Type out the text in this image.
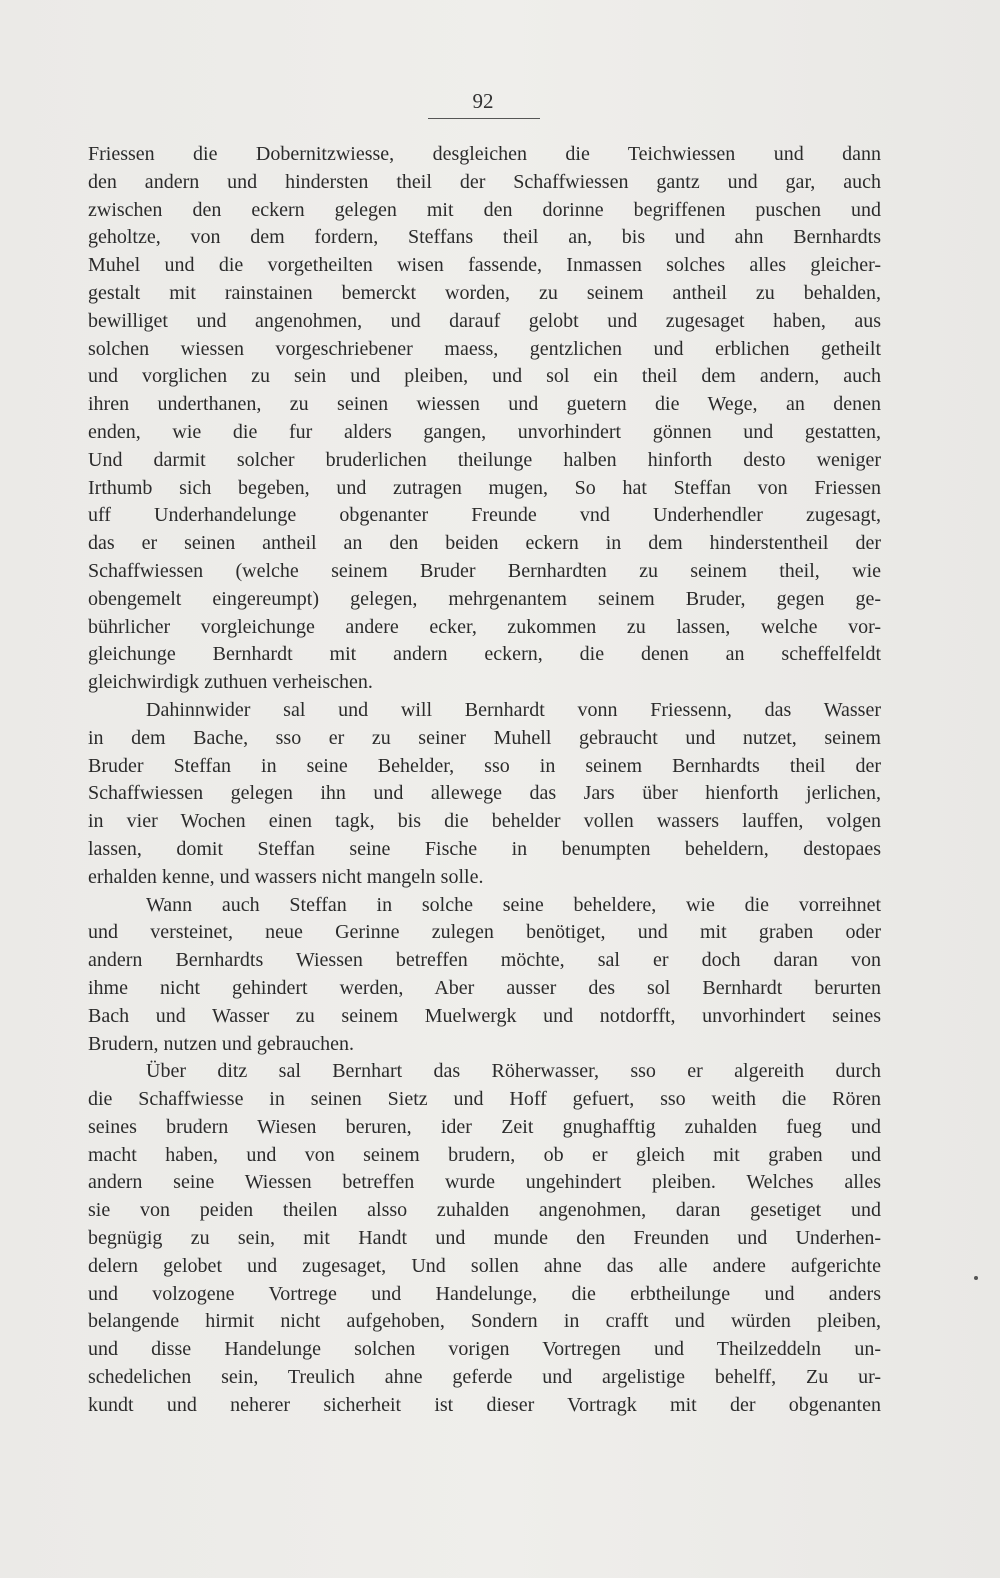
92
Friessen die Dobernitzwiesse, desgleichen die Teichwiessen und dann
den andern und hindersten theil der Schaffwiessen gantz und gar, auch
zwischen den eckern gelegen mit den dorinne begriffenen puschen und
geholtze, von dem fordern, Steffans theil an, bis und ahn Bernhardts
Muhel und die vorgetheilten wisen fassende, Inmassen solches alles gleicher-
gestalt mit rainstainen bemerckt worden, zu seinem antheil zu behalden,
bewilliget und angenohmen, und darauf gelobt und zugesaget haben, aus
solchen wiessen vorgeschriebener maess, gentzlichen und erblichen getheilt
und vorglichen zu sein und pleiben, und sol ein theil dem andern, auch
ihren underthanen, zu seinen wiessen und guetern die Wege, an denen
enden, wie die fur alders gangen, unvorhindert gönnen und gestatten,
Und darmit solcher bruderlichen theilunge halben hinforth desto weniger
Irthumb sich begeben, und zutragen mugen, So hat Steffan von Friessen
uff Underhandelunge obgenanter Freunde vnd Underhendler zugesagt,
das er seinen antheil an den beiden eckern in dem hinderstentheil der
Schaffwiessen (welche seinem Bruder Bernhardten zu seinem theil, wie
obengemelt eingereumpt) gelegen, mehrgenantem seinem Bruder, gegen ge-
bührlicher vorgleichunge andere ecker, zukommen zu lassen, welche vor-
gleichunge Bernhardt mit andern eckern, die denen an scheffelfeldt
gleichwirdigk zuthuen verheischen.
Dahinnwider sal und will Bernhardt vonn Friessenn, das Wasser
in dem Bache, sso er zu seiner Muhell gebraucht und nutzet, seinem
Bruder Steffan in seine Behelder, sso in seinem Bernhardts theil der
Schaffwiessen gelegen ihn und allewege das Jars über hienforth jerlichen,
in vier Wochen einen tagk, bis die behelder vollen wassers lauffen, volgen
lassen, domit Steffan seine Fische in benumpten beheldern, destopaes
erhalden kenne, und wassers nicht mangeln solle.
Wann auch Steffan in solche seine beheldere, wie die vorreihnet
und versteinet, neue Gerinne zulegen benötiget, und mit graben oder
andern Bernhardts Wiessen betreffen möchte, sal er doch daran von
ihme nicht gehindert werden, Aber ausser des sol Bernhardt berurten
Bach und Wasser zu seinem Muelwergk und notdorfft, unvorhindert seines
Brudern, nutzen und gebrauchen.
Über ditz sal Bernhart das Röherwasser, sso er algereith durch
die Schaffwiesse in seinen Sietz und Hoff gefuert, sso weith die Rören
seines brudern Wiesen beruren, ider Zeit gnughafftig zuhalden fueg und
macht haben, und von seinem brudern, ob er gleich mit graben und
andern seine Wiessen betreffen wurde ungehindert pleiben. Welches alles
sie von peiden theilen alsso zuhalden angenohmen, daran gesetiget und
begnügig zu sein, mit Handt und munde den Freunden und Underhen-
delern gelobet und zugesaget, Und sollen ahne das alle andere aufgerichte
und volzogene Vortrege und Handelunge, die erbtheilunge und anders
belangende hirmit nicht aufgehoben, Sondern in crafft und würden pleiben,
und disse Handelunge solchen vorigen Vortregen und Theilzeddeln un-
schedelichen sein, Treulich ahne geferde und argelistige behelff, Zu ur-
kundt und neherer sicherheit ist dieser Vortragk mit der obgenanten
